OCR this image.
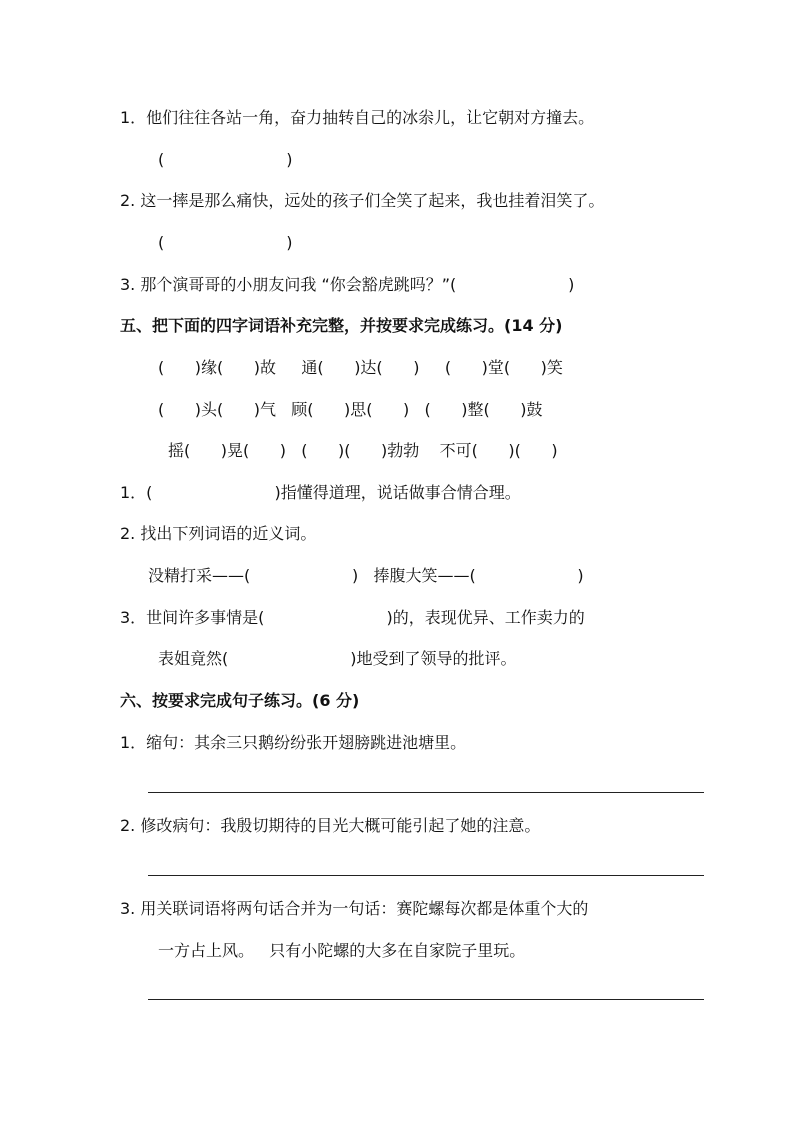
1．他们往往各站一角，奋力抽转自己的冰尜儿，让它朝对方撞去。
(                        )
2. 这一摔是那么痛快，远处的孩子们全笑了起来，我也挂着泪笑了。
(                        )
3. 那个演哥哥的小朋友问我 “你会豁虎跳吗？”(                      )
五、把下面的四字词语补充完整，并按要求完成练习。(14 分)
(      )缘(      )故     通(      )达(      )     (      )堂(      )笑
(      )头(      )气   顾(      )思(      )   (      )整(      )鼓
摇(      )晃(      )   (      )(      )勃勃    不可(      )(      )
1．(                        )指懂得道理，说话做事合情合理。
2. 找出下列词语的近义词。
没精打采——(                    )   捧腹大笑——(                    )
3．世间许多事情是(                        )的，表现优异、工作卖力的
表姐竟然(                        )地受到了领导的批评。
六、按要求完成句子练习。(6 分)
1．缩句：其余三只鹅纷纷张开翅膀跳进池塘里。
2. 修改病句：我殷切期待的目光大概可能引起了她的注意。
3. 用关联词语将两句话合并为一句话：赛陀螺每次都是体重个大的
一方占上风。   只有小陀螺的大多在自家院子里玩。
